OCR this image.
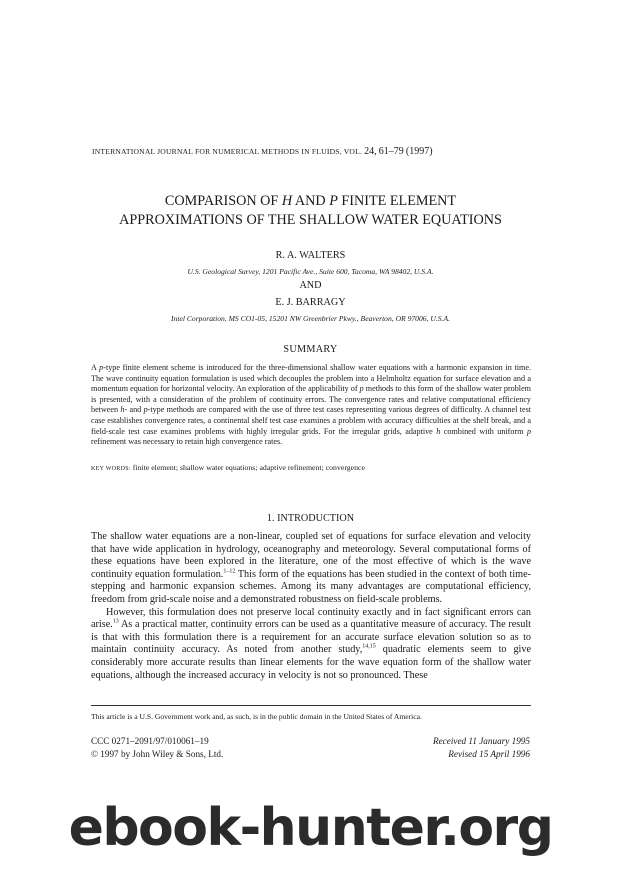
INTERNATIONAL JOURNAL FOR NUMERICAL METHODS IN FLUIDS, VOL. 24, 61–79 (1997)
COMPARISON OF H AND P FINITE ELEMENT
APPROXIMATIONS OF THE SHALLOW WATER EQUATIONS
R. A. WALTERS
U.S. Geological Survey, 1201 Pacific Ave., Suite 600, Tacoma, WA 98402, U.S.A.
AND
E. J. BARRAGY
Intel Corporation, MS CO1-05, 15201 NW Greenbrier Pkwy., Beaverton, OR 97006, U.S.A.
SUMMARY
A p-type finite element scheme is introduced for the three-dimensional shallow water equations with a harmonic expansion in time. The wave continuity equation formulation is used which decouples the problem into a Helmholtz equation for surface elevation and a momentum equation for horizontal velocity. An exploration of the applicability of p methods to this form of the shallow water problem is presented, with a consideration of the problem of continuity errors. The convergence rates and relative computational efficiency between h- and p-type methods are compared with the use of three test cases representing various degrees of difficulty. A channel test case establishes convergence rates, a continental shelf test case examines a problem with accuracy difficulties at the shelf break, and a field-scale test case examines problems with highly irregular grids. For the irregular grids, adaptive h combined with uniform p refinement was necessary to retain high convergence rates.
KEY WORDS: finite element; shallow water equations; adaptive refinement; convergence
1. INTRODUCTION

The shallow water equations are a non-linear, coupled set of equations for surface elevation and velocity that have wide application in hydrology, oceanography and meteorology. Several computational forms of these equations have been explored in the literature, one of the most effective of which is the wave continuity equation formulation.$^{1-12}$ This form of the equations has been studied in the context of both time-stepping and harmonic expansion schemes. Among its many advantages are computational efficiency, freedom from grid-scale noise and a demonstrated robustness on field-scale problems.

However, this formulation does not preserve local continuity exactly and in fact significant errors can arise.$^{13}$ As a practical matter, continuity errors can be used as a quantitative measure of accuracy. The result is that with this formulation there is a requirement for an accurate surface elevation solution so as to maintain continuity accuracy. As noted from another study,$^{14,15}$ quadratic elements seem to give considerably more accurate results than linear elements for the wave equation form of the shallow water equations, although the increased accuracy in velocity is not so pronounced. These

This article is a U.S. Government work and, as such, is in the public domain in the United States of America.
CCC 0271–2091/97/010061–19
© 1997 by John Wiley & Sons, Ltd.
Received 11 January 1995
Revised 15 April 1996
ebook-hunter.org
